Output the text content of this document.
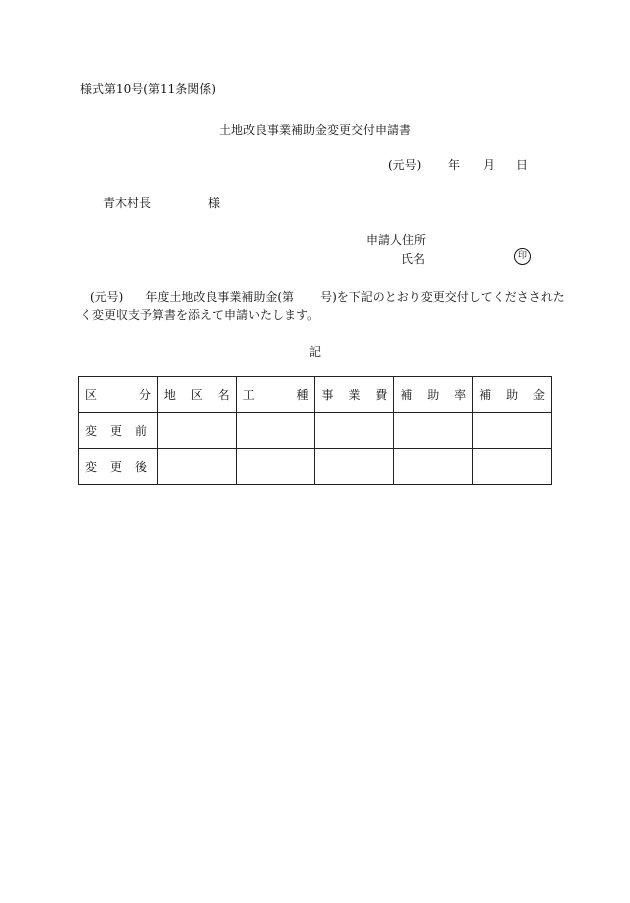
様式第10号(第11条関係)
土地改良事業補助金変更交付申請書
(元号) 年 月 日
青木村長	様
申請人住所
氏名	印
(元号) 年度土地改良事業補助金(第 号)を下記のとおり変更交付してくださされた
く変更収支予算書を添えて申請いたします。
記
区 分	地 区 名	工 種	事 業 費	補 助 率	補 助 金

変 更 前					

変 更 後					
